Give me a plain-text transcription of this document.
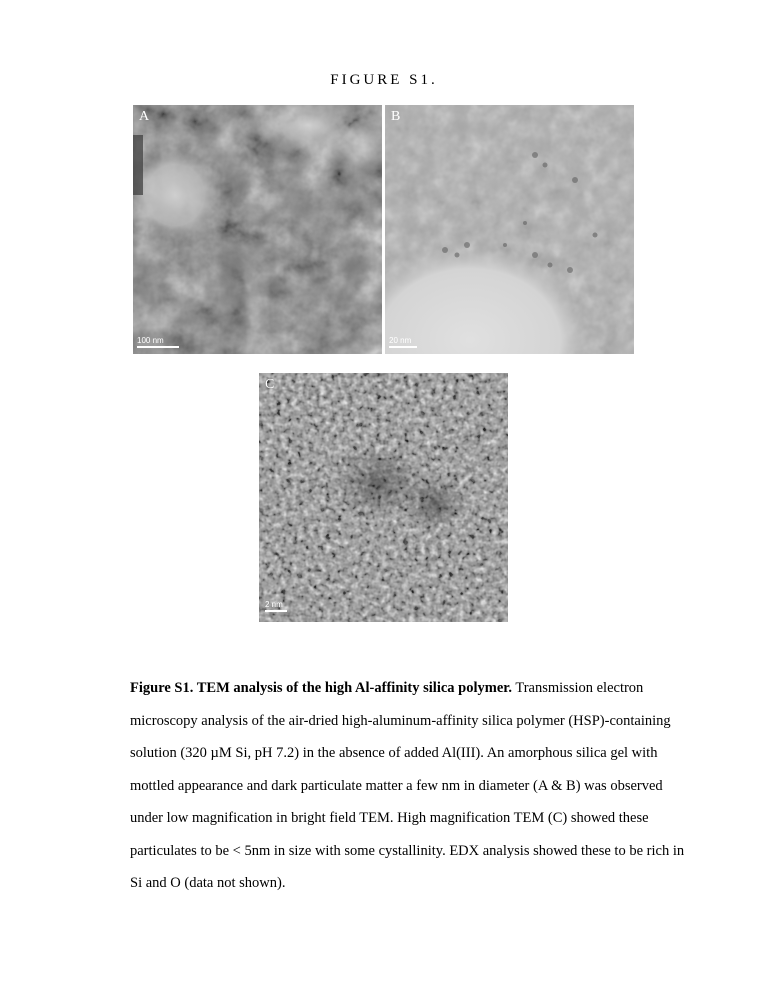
FIGURE S1.
A
100 nm
B
20 nm
C
2 nm
Figure S1. TEM analysis of the high Al-affinity silica polymer. Transmission electron microscopy analysis of the air-dried high-aluminum-affinity silica polymer (HSP)-containing solution (320 µM Si, pH 7.2) in the absence of added Al(III). An amorphous silica gel with mottled appearance and dark particulate matter a few nm in diameter (A & B) was observed under low magnification in bright field TEM. High magnification TEM (C) showed these particulates to be < 5nm in size with some cystallinity. EDX analysis showed these to be rich in Si and O (data not shown).
